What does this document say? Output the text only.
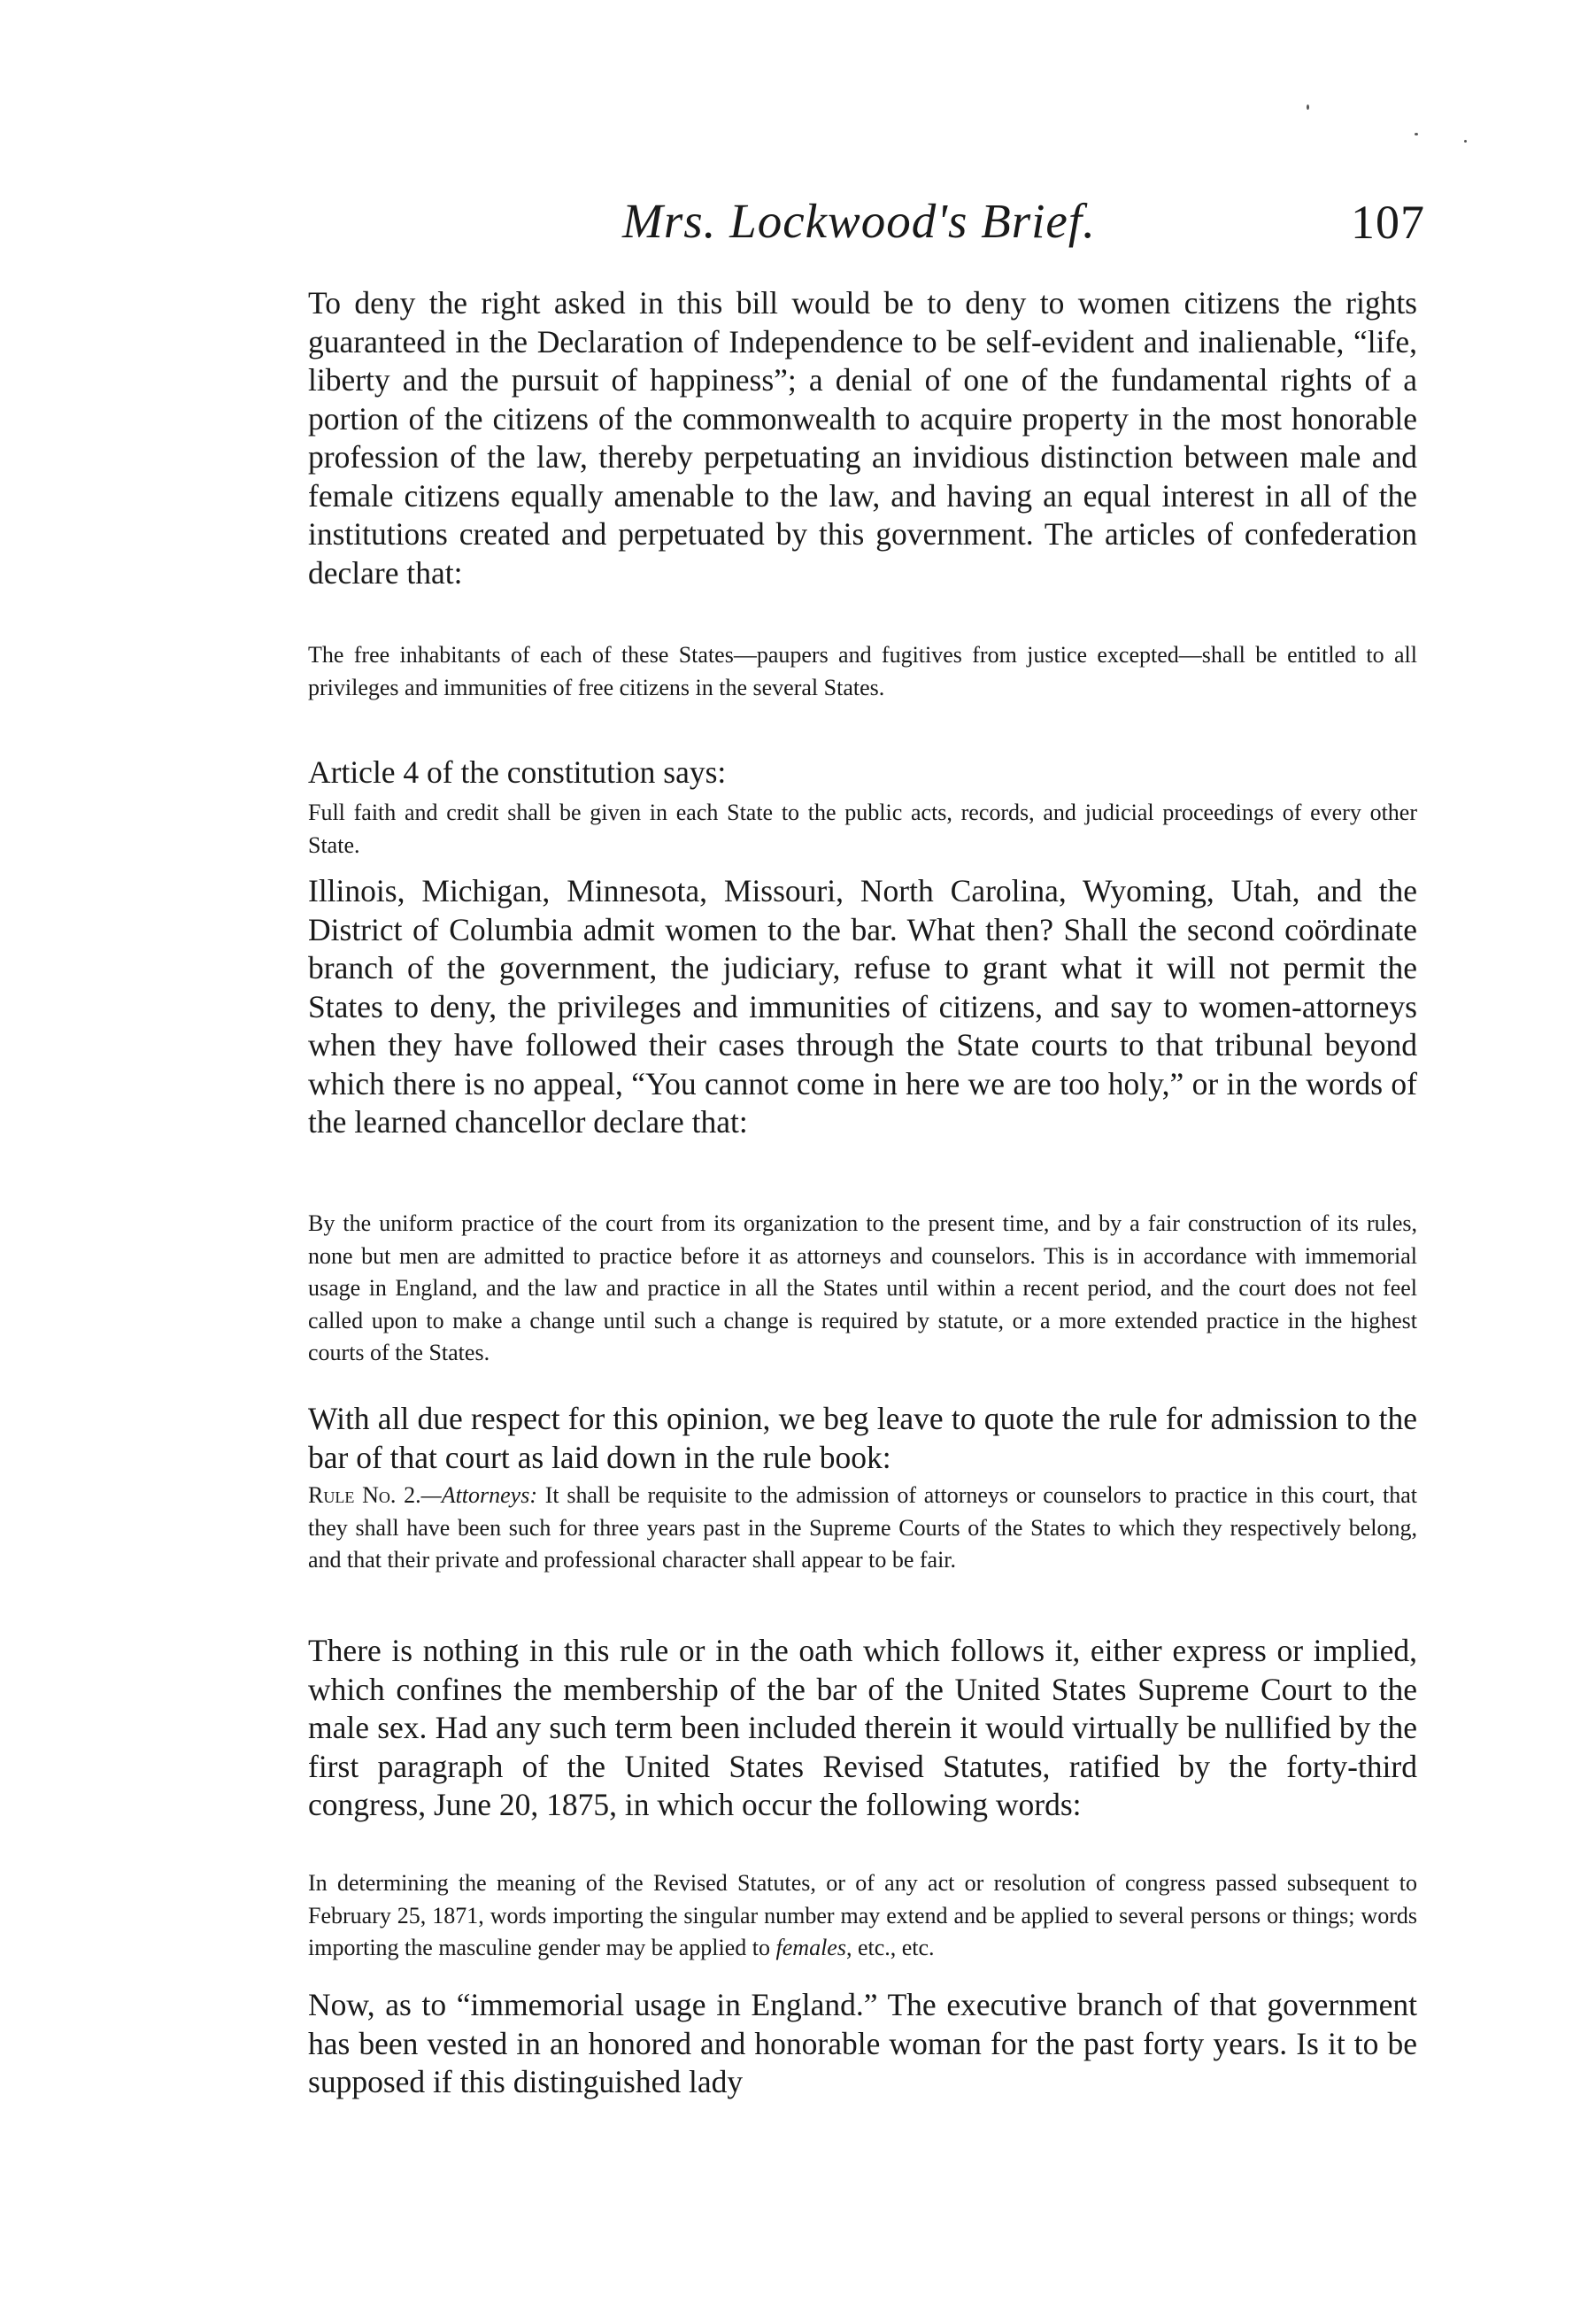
Mrs. Lockwood's Brief.	107

To deny the right asked in this bill would be to deny to women citizens the rights guaranteed in the Declaration of Independence to be self-evident and inalienable, “life, liberty and the pursuit of happiness”; a denial of one of the fundamental rights of a portion of the citizens of the commonwealth to acquire property in the most honorable profession of the law, thereby perpetuating an invidious distinction between male and female citizens equally amenable to the law, and having an equal interest in all of the institutions created and perpetuated by this government. The articles of confederation declare that:

The free inhabitants of each of these States—paupers and fugitives from justice excepted—shall be entitled to all privileges and immunities of free citizens in the several States.

Article 4 of the constitution says:

Full faith and credit shall be given in each State to the public acts, records, and judicial proceedings of every other State.

Illinois, Michigan, Minnesota, Missouri, North Carolina, Wyoming, Utah, and the District of Columbia admit women to the bar. What then? Shall the second coördinate branch of the government, the judiciary, refuse to grant what it will not permit the States to deny, the privileges and immunities of citizens, and say to women-attorneys when they have followed their cases through the State courts to that tribunal beyond which there is no appeal, “You cannot come in here we are too holy,” or in the words of the learned chancellor declare that:

By the uniform practice of the court from its organization to the present time, and by a fair construction of its rules, none but men are admitted to practice before it as attorneys and counselors. This is in accordance with immemorial usage in England, and the law and practice in all the States until within a recent period, and the court does not feel called upon to make a change until such a change is required by statute, or a more extended practice in the highest courts of the States.

With all due respect for this opinion, we beg leave to quote the rule for admission to the bar of that court as laid down in the rule book:

Rule No. 2.—Attorneys: It shall be requisite to the admission of attorneys or counselors to practice in this court, that they shall have been such for three years past in the Supreme Courts of the States to which they respectively belong, and that their private and professional character shall appear to be fair.

There is nothing in this rule or in the oath which follows it, either express or implied, which confines the membership of the bar of the United States Supreme Court to the male sex. Had any such term been included therein it would virtually be nullified by the first paragraph of the United States Revised Statutes, ratified by the forty-third congress, June 20, 1875, in which occur the following words:

In determining the meaning of the Revised Statutes, or of any act or resolution of congress passed subsequent to February 25, 1871, words importing the singular number may extend and be applied to several persons or things; words importing the masculine gender may be applied to females, etc., etc.

Now, as to “immemorial usage in England.” The executive branch of that government has been vested in an honored and honorable woman for the past forty years. Is it to be supposed if this distinguished lady
